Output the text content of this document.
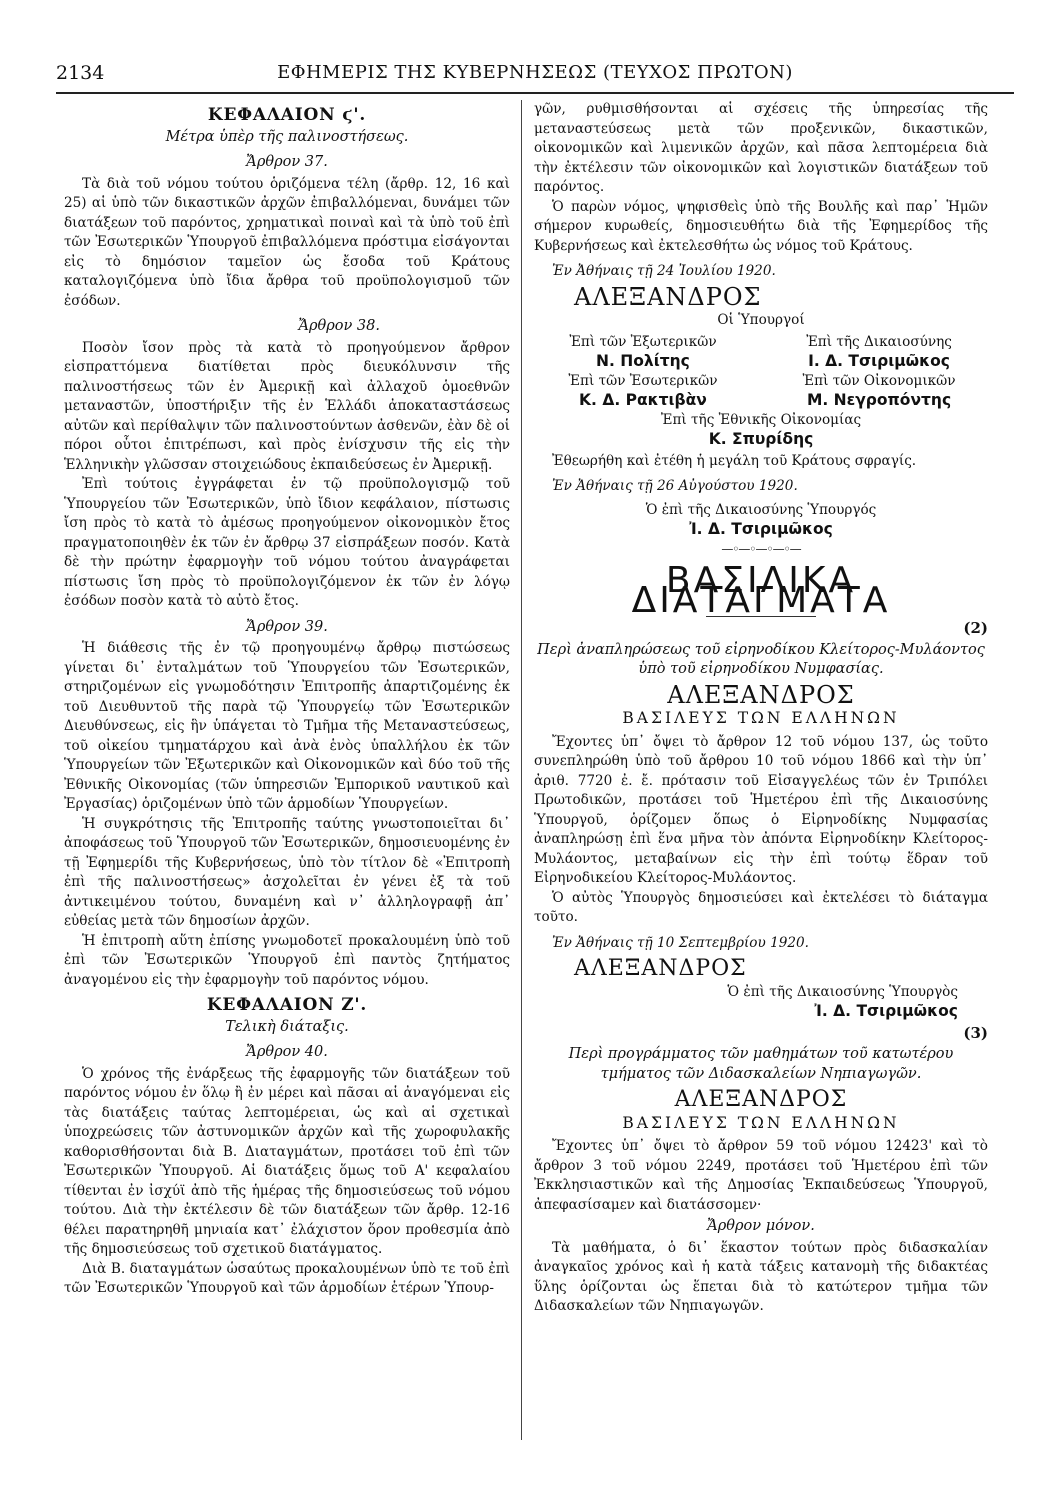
2134	ΕΦΗΜΕΡΙΣ ΤΗΣ ΚΥΒΕΡΝΗΣΕΩΣ (ΤΕΥΧΟΣ ΠΡΩΤΟΝ)
ΚΕΦΑΛΑΙΟΝ ϛ'.
Μέτρα ὑπὲρ τῆς παλινοστήσεως.
Ἄρθρον 37.

Τὰ διὰ τοῦ νόμου τούτου ὁριζόμενα τέλη (ἄρθρ. 12, 16 καὶ 25) αἱ ὑπὸ τῶν δικαστικῶν ἀρχῶν ἐπιβαλλόμεναι, δυνάμει τῶν διατάξεων τοῦ παρόντος, χρηματικαὶ ποιναὶ καὶ τὰ ὑπὸ τοῦ ἐπὶ τῶν Ἐσωτερικῶν Ὑπουργοῦ ἐπιβαλλόμενα πρόστιμα εἰσάγονται εἰς τὸ δημόσιον ταμεῖον ὡς ἔσοδα τοῦ Κράτους καταλογιζόμενα ὑπὸ ἴδια ἄρθρα τοῦ προϋπολογισμοῦ τῶν ἐσόδων.

Ἄρθρον 38.

Ποσὸν ἴσον πρὸς τὰ κατὰ τὸ προηγούμενον ἄρθρον εἰσπραττόμενα διατίθεται πρὸς διευκόλυνσιν τῆς παλινοστήσεως τῶν ἐν Ἀμερικῇ καὶ ἀλλαχοῦ ὁμοεθνῶν μεταναστῶν, ὑποστήριξιν τῆς ἐν Ἑλλάδι ἀποκαταστάσεως αὐτῶν καὶ περίθαλψιν τῶν παλινοστούντων ἀσθενῶν, ἐὰν δὲ οἱ πόροι οὗτοι ἐπιτρέπωσι, καὶ πρὸς ἐνίσχυσιν τῆς εἰς τὴν Ἑλληνικὴν γλῶσσαν στοιχειώδους ἐκπαιδεύσεως ἐν Ἀμερικῇ.

Ἐπὶ τούτοις ἐγγράφεται ἐν τῷ προϋπολογισμῷ τοῦ Ὑπουργείου τῶν Ἐσωτερικῶν, ὑπὸ ἴδιον κεφάλαιον, πίστωσις ἴση πρὸς τὸ κατὰ τὸ ἀμέσως προηγούμενον οἰκονομικὸν ἔτος πραγματοποιηθὲν ἐκ τῶν ἐν ἄρθρῳ 37 εἰσπράξεων ποσόν. Κατὰ δὲ τὴν πρώτην ἐφαρμογὴν τοῦ νόμου τούτου ἀναγράφεται πίστωσις ἴση πρὸς τὸ προϋπολογιζόμενον ἐκ τῶν ἐν λόγῳ ἐσόδων ποσὸν κατὰ τὸ αὐτὸ ἔτος.

Ἄρθρον 39.

Ἡ διάθεσις τῆς ἐν τῷ προηγουμένῳ ἄρθρῳ πιστώσεως γίνεται δι᾽ ἐνταλμάτων τοῦ Ὑπουργείου τῶν Ἐσωτερικῶν, στηριζομένων εἰς γνωμοδότησιν Ἐπιτροπῆς ἀπαρτιζομένης ἐκ τοῦ Διευθυντοῦ τῆς παρὰ τῷ Ὑπουργείῳ τῶν Ἐσωτερικῶν Διευθύνσεως, εἰς ἣν ὑπάγεται τὸ Τμῆμα τῆς Μεταναστεύσεως, τοῦ οἰκείου τμηματάρχου καὶ ἀνὰ ἑνὸς ὑπαλλήλου ἐκ τῶν Ὑπουργείων τῶν Ἐξωτερικῶν καὶ Οἰκονομικῶν καὶ δύο τοῦ τῆς Ἐθνικῆς Οἰκονομίας (τῶν ὑπηρεσιῶν Ἐμπορικοῦ ναυτικοῦ καὶ Ἐργασίας) ὁριζομένων ὑπὸ τῶν ἁρμοδίων Ὑπουργείων.

Ἡ συγκρότησις τῆς Ἐπιτροπῆς ταύτης γνωστοποιεῖται δι᾽ ἀποφάσεως τοῦ Ὑπουργοῦ τῶν Ἐσωτερικῶν, δημοσιευομένης ἐν τῇ Ἐφημερίδι τῆς Κυβερνήσεως, ὑπὸ τὸν τίτλον δὲ «Ἐπιτροπὴ ἐπὶ τῆς παλινοστήσεως» ἀσχολεῖται ἐν γένει ἐξ τὰ τοῦ ἀντικειμένου τούτου, δυναμένη καὶ ν᾽ ἀλληλογραφῇ ἀπ᾽ εὐθείας μετὰ τῶν δημοσίων ἀρχῶν.

Ἡ ἐπιτροπὴ αὕτη ἐπίσης γνωμοδοτεῖ προκαλουμένη ὑπὸ τοῦ ἐπὶ τῶν Ἐσωτερικῶν Ὑπουργοῦ ἐπὶ παντὸς ζητήματος ἀναγομένου εἰς τὴν ἐφαρμογὴν τοῦ παρόντος νόμου.

ΚΕΦΑΛΑΙΟΝ Ζ'.
Τελικὴ διάταξις.
Ἄρθρον 40.

Ὁ χρόνος τῆς ἐνάρξεως τῆς ἐφαρμογῆς τῶν διατάξεων τοῦ παρόντος νόμου ἐν ὅλῳ ἢ ἐν μέρει καὶ πᾶσαι αἱ ἀναγόμεναι εἰς τὰς διατάξεις ταύτας λεπτομέρειαι, ὡς καὶ αἱ σχετικαὶ ὑποχρεώσεις τῶν ἀστυνομικῶν ἀρχῶν καὶ τῆς χωροφυλακῆς καθορισθήσονται διὰ Β. Διαταγμάτων, προτάσει τοῦ ἐπὶ τῶν Ἐσωτερικῶν Ὑπουργοῦ. Αἱ διατάξεις ὅμως τοῦ Α' κεφαλαίου τίθενται ἐν ἰσχύϊ ἀπὸ τῆς ἡμέρας τῆς δημοσιεύσεως τοῦ νόμου τούτου. Διὰ τὴν ἐκτέλεσιν δὲ τῶν διατάξεων τῶν ἄρθρ. 12-16 θέλει παρατηρηθῆ μηνιαία κατ᾽ ἐλάχιστον ὅρον προθεσμία ἀπὸ τῆς δημοσιεύσεως τοῦ σχετικοῦ διατάγματος.

Διὰ Β. διαταγμάτων ὡσαύτως προκαλουμένων ὑπὸ τε τοῦ ἐπὶ τῶν Ἐσωτερικῶν Ὑπουργοῦ καὶ τῶν ἁρμοδίων ἑτέρων Ὑπουρ-

γῶν, ρυθμισθήσονται αἱ σχέσεις τῆς ὑπηρεσίας τῆς μεταναστεύσεως μετὰ τῶν προξενικῶν, δικαστικῶν, οἰκονομικῶν καὶ λιμενικῶν ἀρχῶν, καὶ πᾶσα λεπτομέρεια διὰ τὴν ἐκτέλεσιν τῶν οἰκονομικῶν καὶ λογιστικῶν διατάξεων τοῦ παρόντος.

Ὁ παρὼν νόμος, ψηφισθεὶς ὑπὸ τῆς Βουλῆς καὶ παρ᾽ Ἡμῶν σήμερον κυρωθείς, δημοσιευθήτω διὰ τῆς Ἐφημερίδος τῆς Κυβερνήσεως καὶ ἐκτελεσθήτω ὡς νόμος τοῦ Κράτους.

Ἐν Ἀθήναις τῇ 24 Ἰουλίου 1920.
ΑΛΕΞΑΝΔΡΟΣ
Οἱ Ὑπουργοί
Ἐπὶ τῶν Ἐξωτερικῶν
Ν. Πολίτης
Ἐπὶ τῆς Δικαιοσύνης
Ι. Δ. Τσιριμῶκος
Ἐπὶ τῶν Ἐσωτερικῶν
Κ. Δ. Ρακτιβὰν
Ἐπὶ τῶν Οἰκονομικῶν
Μ. Νεγροπόντης
Ἐπὶ τῆς Ἐθνικῆς Οἰκονομίας
Κ. Σπυρίδης

Ἐθεωρήθη καὶ ἐτέθη ἡ μεγάλη τοῦ Κράτους σφραγίς.

Ἐν Ἀθήναις τῇ 26 Αὐγούστου 1920.
Ὁ ἐπὶ τῆς Δικαιοσύνης Ὑπουργός
Ἰ. Δ. Τσιριμῶκος
—◦—◦—◦—◦—
ΒΑΣΙΛΙΚΑ ΔΙΑΤΑΓΜΑΤΑ
(2)
Περὶ ἀναπληρώσεως τοῦ εἰρηνοδίκου Κλείτορος-Μυλάοντος ὑπὸ τοῦ εἰρηνοδίκου Νυμφασίας.
ΑΛΕΞΑΝΔΡΟΣ
ΒΑΣΙΛΕΥΣ ΤΩΝ ΕΛΛΗΝΩΝ

Ἔχοντες ὑπ᾽ ὄψει τὸ ἄρθρον 12 τοῦ νόμου 137, ὡς τοῦτο συνεπληρώθη ὑπὸ τοῦ ἄρθρου 10 τοῦ νόμου 1866 καὶ τὴν ὑπ᾽ ἀριθ. 7720 ἐ. ἔ. πρότασιν τοῦ Εἰσαγγελέως τῶν ἐν Τριπόλει Πρωτοδικῶν, προτάσει τοῦ Ἡμετέρου ἐπὶ τῆς Δικαιοσύνης Ὑπουργοῦ, ὁρίζομεν ὅπως ὁ Εἰρηνοδίκης Νυμφασίας ἀναπληρώσῃ ἐπὶ ἕνα μῆνα τὸν ἀπόντα Εἰρηνοδίκην Κλείτορος-Μυλάοντος, μεταβαίνων εἰς τὴν ἐπὶ τούτῳ ἕδραν τοῦ Εἰρηνοδικείου Κλείτορος-Μυλάοντος.

Ὁ αὐτὸς Ὑπουργὸς δημοσιεύσει καὶ ἐκτελέσει τὸ διάταγμα τοῦτο.

Ἐν Ἀθήναις τῇ 10 Σεπτεμβρίου 1920.
ΑΛΕΞΑΝΔΡΟΣ
Ὁ ἐπὶ τῆς Δικαιοσύνης Ὑπουργὸς
Ἰ. Δ. Τσιριμῶκος
(3)
Περὶ προγράμματος τῶν μαθημάτων τοῦ κατωτέρου τμήματος τῶν Διδασκαλείων Νηπιαγωγῶν.
ΑΛΕΞΑΝΔΡΟΣ
ΒΑΣΙΛΕΥΣ ΤΩΝ ΕΛΛΗΝΩΝ

Ἔχοντες ὑπ᾽ ὄψει τὸ ἄρθρον 59 τοῦ νόμου 12423' καὶ τὸ ἄρθρον 3 τοῦ νόμου 2249, προτάσει τοῦ Ἡμετέρου ἐπὶ τῶν Ἐκκλησιαστικῶν καὶ τῆς Δημοσίας Ἐκπαιδεύσεως Ὑπουργοῦ, ἀπεφασίσαμεν καὶ διατάσσομεν·

Ἄρθρον μόνον.

Τὰ μαθήματα, ὁ δι᾽ ἕκαστον τούτων πρὸς διδασκαλίαν ἀναγκαῖος χρόνος καὶ ἡ κατὰ τάξεις κατανομὴ τῆς διδακτέας ὕλης ὁρίζονται ὡς ἕπεται διὰ τὸ κατώτερον τμῆμα τῶν Διδασκαλείων τῶν Νηπιαγωγῶν.
